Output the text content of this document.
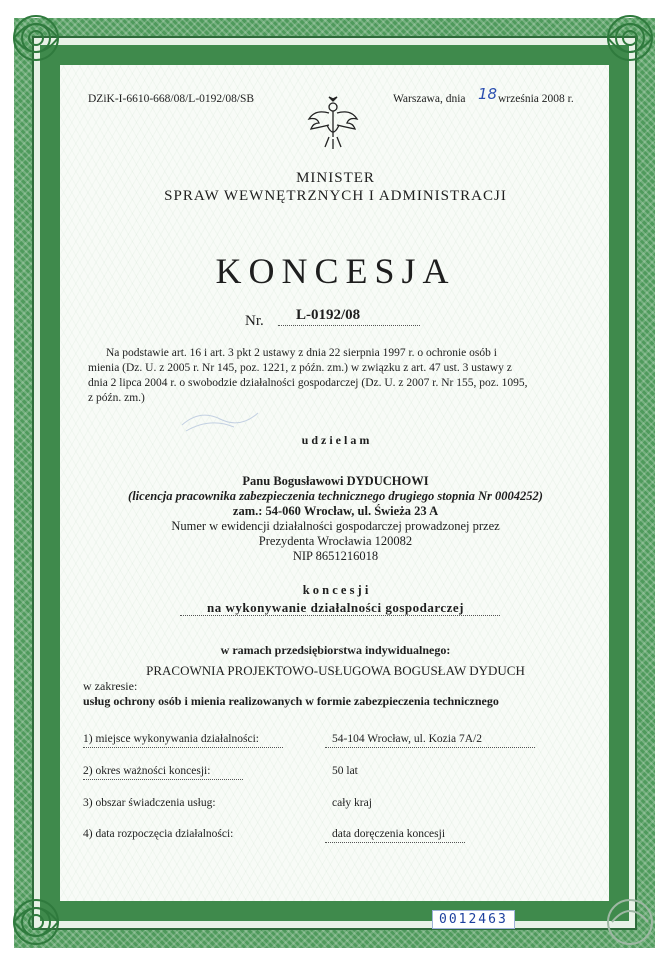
DZiK-I-6610-668/08/L-0192/08/SB	Warszawa, dnia 18 września 2008 r.
MINISTER
SPRAW WEWNĘTRZNYCH I ADMINISTRACJI
KONCESJA
Nr. L-0192/08
Na podstawie art. 16 i art. 3 pkt 2 ustawy z dnia 22 sierpnia 1997 r. o ochronie osób i
mienia (Dz. U. z 2005 r. Nr 145, poz. 1221, z późn. zm.) w związku z art. 47 ust. 3 ustawy z
dnia 2 lipca 2004 r. o swobodzie działalności gospodarczej (Dz. U. z 2007 r. Nr 155, poz. 1095,
z późn. zm.)
u d z i e l a m
Panu Bogusławowi DYDUCHOWI
(licencja pracownika zabezpieczenia technicznego drugiego stopnia Nr 0004252)
zam.: 54-060 Wrocław, ul. Świeża 23 A
Numer w ewidencji działalności gospodarczej prowadzonej przez
Prezydenta Wrocławia 120082
NIP 8651216018
k o n c e s j i
na wykonywanie działalności gospodarczej
w ramach przedsiębiorstwa indywidualnego:
PRACOWNIA PROJEKTOWO-USŁUGOWA BOGUSŁAW DYDUCH
w zakresie:
usług ochrony osób i mienia realizowanych w formie zabezpieczenia technicznego
1) miejsce wykonywania działalności:	54-104 Wrocław, ul. Kozia 7A/2
2) okres ważności koncesji:	50 lat
3) obszar świadczenia usług:	cały kraj
4) data rozpoczęcia działalności:	data doręczenia koncesji
0012463
